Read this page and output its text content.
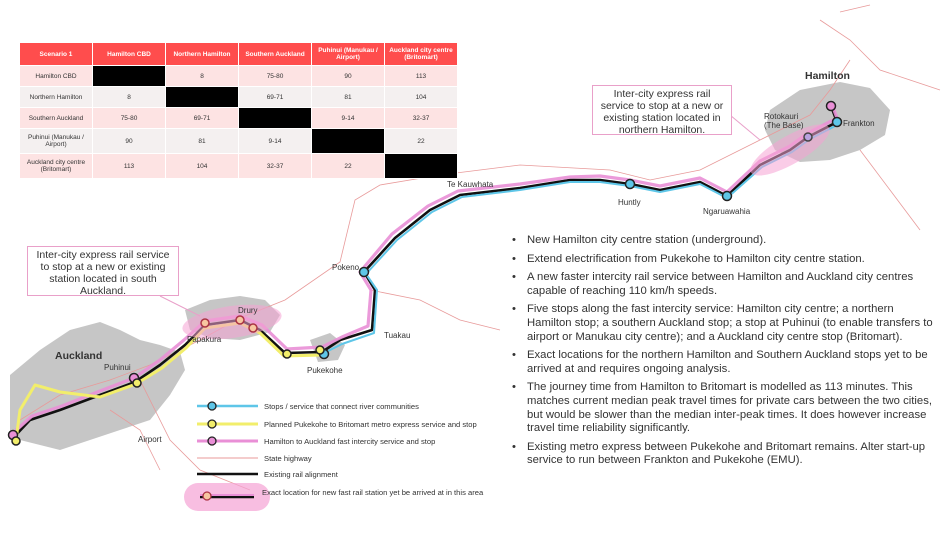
Hamilton
Frankton
Rotokauri
(The Base)
Ngaruawahia
Huntly
Te Kauwhata
Pokeno
Tuakau
Pukekohe
Drury
Papakura
Auckland
Puhinui
Airport
Stops / service that connect river communities
Planned Pukekohe to Britomart metro express service and stop
Hamilton to Auckland fast intercity service and stop
State highway
Existing rail alignment
Exact location for new fast rail station yet be arrived at in this area
Scenario 1	Hamilton CBD	Northern Hamilton	Southern Auckland	Puhinui (Manukau / Airport)	Auckland city centre (Britomart)
Hamilton CBD		8	75-80	90	113
Northern Hamilton	8		69-71	81	104
Southern Auckland	75-80	69-71		9-14	32-37
Puhinui (Manukau / Airport)	90	81	9-14		22
Auckland city centre (Britomart)	113	104	32-37	22	
Inter-city express rail service to stop at a new or existing station located in northern Hamilton.
Inter-city express rail service to stop at a new or existing station located in south Auckland.
• New Hamilton city centre station (underground).
• Extend electrification from Pukekohe to Hamilton city centre station.
• A new faster intercity rail service between Hamilton and Auckland city centres capable of reaching 110 km/h speeds.
• Five stops along the fast intercity service: Hamilton city centre; a northern Hamilton stop; a southern Auckland stop; a stop at Puhinui (to enable transfers to airport or Manukau city centre); and a Auckland city centre stop (Britomart).
• Exact locations for the northern Hamilton and Southern Auckland stops yet to be arrived at and requires ongoing analysis.
• The journey time from Hamilton to Britomart is modelled as 113 minutes. This matches current median peak travel times for private cars between the two cities, but would be slower than the median inter-peak times. It does however increase travel time reliability significantly.
• Existing metro express between Pukekohe and Britomart remains. Alter start-up service to run between Frankton and Pukekohe (EMU).
